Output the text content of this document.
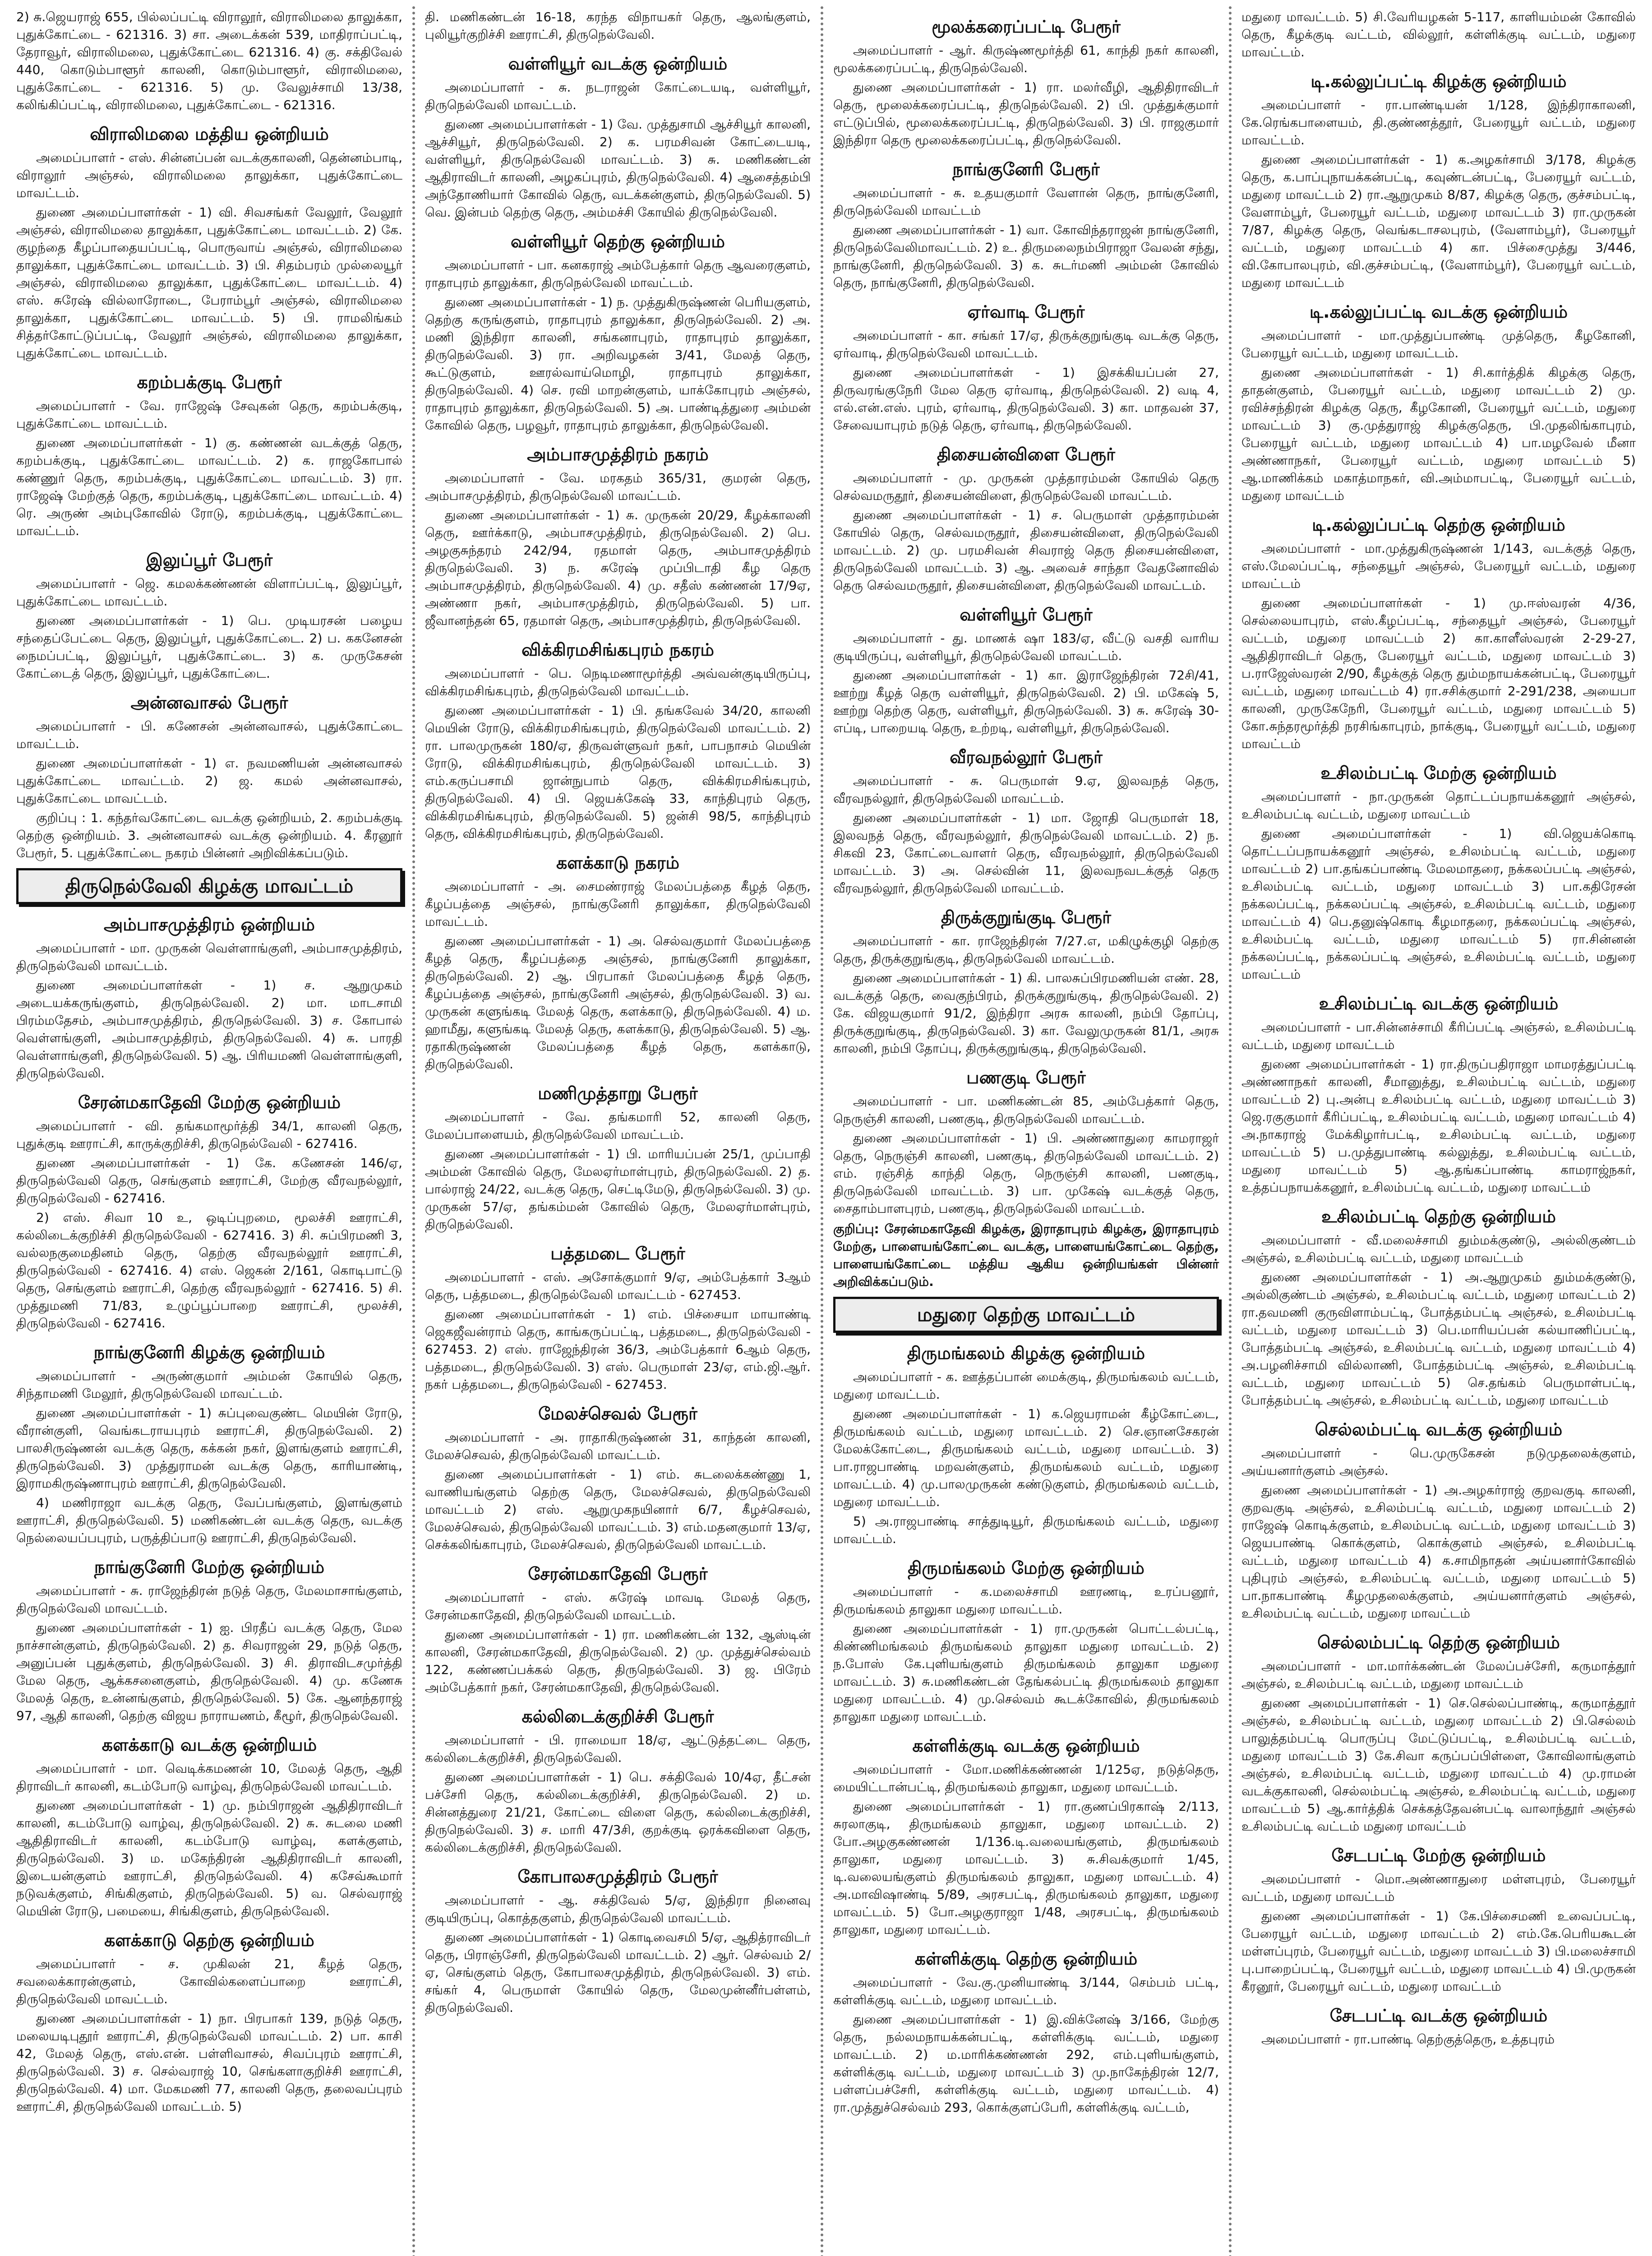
2) சு.ஜெயராஜ் 655, பில்லப்பட்டி விராலூர், விராலிமலை தாலுக்கா, புதுக்கோட்டை - 621316. 3) சா. அடைக்கன் 539, மாதிராப்பட்டி, தேராவூர், விராலிமலை, புதுக்கோட்டை 621316. 4) கு. சக்திவேல் 440, கொடும்பாளூர் காலனி, கொடும்பாளூர், விராலிமலை, புதுக்கோட்டை - 621316. 5) மு. வேலுச்சாமி 13/38, கலிங்கிப்பட்டி, விராலிமலை, புதுக்கோட்டை - 621316.
விராலிமலை மத்திய ஒன்றியம்
அமைப்பாளர் - எஸ். சின்னப்பன் வடக்குகாலனி, தென்னம்பாடி, விராலூர் அஞ்சல், விராலிமலை தாலுக்கா, புதுக்கோட்டை மாவட்டம்.
துணை அமைப்பாளர்கள் - 1) வி. சிவசங்கர் வேலூர், வேலூர் அஞ்சல், விராலிமலை தாலுக்கா, புதுக்கோட்டை மாவட்டம். 2) கே. குழந்தை கீழப்பாதையப்பட்டி, பொருவாய் அஞ்சல், விராலிமலை தாலுக்கா, புதுக்கோட்டை மாவட்டம். 3) பி. சிதம்பரம் முல்லையூர் அஞ்சல், விராலிமலை தாலுக்கா, புதுக்கோட்டை மாவட்டம். 4) எஸ். சுரேஷ் வில்லாரோடை, பேராம்பூர் அஞ்சல், விராலிமலை தாலுக்கா, புதுக்கோட்டை மாவட்டம். 5) பி. ராமலிங்கம் சித்தர்கோட்டுப்பட்டி, வேலூர் அஞ்சல், விராலிமலை தாலுக்கா, புதுக்கோட்டை மாவட்டம்.
கறம்பக்குடி பேரூர்
அமைப்பாளர் - வே. ராஜேஷ் சேவுகன் தெரு, கறம்பக்குடி, புதுக்கோட்டை மாவட்டம்.
துணை அமைப்பாளர்கள் - 1) கு. கண்ணன் வடக்குத் தெரு, கறம்பக்குடி, புதுக்கோட்டை மாவட்டம். 2) க. ராஜகோபால் கண்ணுர் தெரு, கறம்பக்குடி, புதுக்கோட்டை மாவட்டம். 3) ரா. ராஜேஷ் மேற்குத் தெரு, கறம்பக்குடி, புதுக்கோட்டை மாவட்டம். 4) ரெ. அருண் அம்புகோவில் ரோடு, கறம்பக்குடி, புதுக்கோட்டை மாவட்டம்.
இலுப்பூர் பேரூர்
அமைப்பாளர் - ஜெ. கமலக்கண்ணன் விளாப்பட்டி, இலுப்பூர், புதுக்கோட்டை மாவட்டம்.
துணை அமைப்பாளர்கள் - 1) பெ. முடியரசன் பழைய சந்தைப்பேட்டை தெரு, இலுப்பூர், புதுக்கோட்டை. 2) ப. ககனேசன் நைமப்பட்டி, இலுப்பூர், புதுக்கோட்டை. 3) க. முருகேசன் கோட்டைத் தெரு, இலுப்பூர், புதுக்கோட்டை.
அன்னவாசல் பேரூர்
அமைப்பாளர் - பி. கணேசன் அன்னவாசல், புதுக்கோட்டை மாவட்டம்.
துணை அமைப்பாளர்கள் - 1) எ. நவமணியன் அன்னவாசல் புதுக்கோட்டை மாவட்டம். 2) ஜ. கமல் அன்னவாசல், புதுக்கோட்டை மாவட்டம்.
குறிப்பு : 1. கந்தர்வகோட்டை வடக்கு ஒன்றியம், 2. கறம்பக்குடி தெற்கு ஒன்றியம். 3. அன்னவாசல் வடக்கு ஒன்றியம். 4. கீரனூர் பேரூர், 5. புதுக்கோட்டை நகரம் பின்னர் அறிவிக்கப்படும்.
திருநெல்வேலி கிழக்கு மாவட்டம்
அம்பாசமுத்திரம் ஒன்றியம்
அமைப்பாளர் - மா. முருகன் வெள்ளாங்குளி, அம்பாசமுத்திரம், திருநெல்வேலி மாவட்டம்.
துணை அமைப்பாளர்கள் - 1) ச. ஆறுமுகம் அடையக்கருங்குளம், திருநெல்வேலி. 2) மா. மாடசாமி பிரம்மதேசம், அம்பாசமுத்திரம், திருநெல்வேலி. 3) ச. கோபால் வெள்ளங்குளி, அம்பாசமுத்திரம், திருநெல்வேலி. 4) சு. பாரதி வெள்ளாங்குளி, திருநெல்வேலி. 5) ஆ. பிரியமணி வெள்ளாங்குளி, திருநெல்வேலி.
சேரன்மகாதேவி மேற்கு ஒன்றியம்
அமைப்பாளர் - வி. தங்கமாமூர்த்தி 34/1, காலனி தெரு, புதுக்குடி ஊராட்சி, காருக்குறிச்சி, திருநெல்வேலி - 627416.
துணை அமைப்பாளர்கள் - 1) கே. கணேசன் 146/ஏ, திருநெல்வேலி தெரு, செங்குளம் ஊராட்சி, மேற்கு வீரவநல்லூர், திருநெல்வேலி - 627416.
2) எஸ். சிவா 10 உ, ஒடிப்புறமை, மூலச்சி ஊராட்சி, கல்லிடைக்குறிச்சி திருநெல்வேலி - 627416. 3) சி. சுப்பிரமணி 3, வல்லநகுமைதினம் தெரு, தெற்கு வீரவநல்லூர் ஊராட்சி, திருநெல்வேலி - 627416. 4) எஸ். ஜெகன் 2/161, கொடிபாட்டு தெரு, செங்குளம் ஊராட்சி, தெற்கு வீரவநல்லூர் - 627416. 5) சி. முத்துமணி 71/83, உழுப்பூப்பாறை ஊராட்சி, மூலச்சி, திருநெல்வேலி - 627416.
நாங்குனேரி கிழக்கு ஒன்றியம்
அமைப்பாளர் - அருண்குமார் அம்மன் கோயில் தெரு, சிந்தாமணி மேலூர், திருநெல்வேலி மாவட்டம்.
துணை அமைப்பாளர்கள் - 1) சுப்புவைகுண்ட மெயின் ரோடு, வீரான்குளி, வெங்கடராயபுரம் ஊராட்சி, திருநெல்வேலி. 2) பாலசிருஷ்ணன் வடக்கு தெரு, கக்கன் நகர், இளங்குளம் ஊராட்சி, திருநெல்வேலி. 3) முத்துராமன் வடக்கு தெரு, காரியாண்டி, இராமகிருஷ்ணாபுரம் ஊராட்சி, திருநெல்வேலி.
4) மணிராஜா வடக்கு தெரு, வேப்பங்குளம், இளங்குளம் ஊராட்சி, திருநெல்வேலி. 5) மணிகண்டன் வடக்கு தெரு, வடக்கு நெல்லையப்பபுரம், பருத்திப்பாடு ஊராட்சி, திருநெல்வேலி.
நாங்குனேரி மேற்கு ஒன்றியம்
அமைப்பாளர் - சு. ராஜேந்திரன் நடுத் தெரு, மேலமாசாங்குளம், திருநெல்வேலி மாவட்டம்.
துணை அமைப்பாளர்கள் - 1) ஐ. பிரதீப் வடக்கு தெரு, மேல நாச்சான்குளம், திருநெல்வேலி. 2) த. சிவராஜன் 29, நடுத் தெரு, அனுப்பன் புதுக்குளம், திருநெல்வேலி. 3) சி. திராவிடசமுர்த்தி மேல தெரு, ஆக்கசனைகுளம், திருநெல்வேலி. 4) மு. கணேசு மேலத் தெரு, உன்னங்குளம், திருநெல்வேலி. 5) கே. ஆனந்தராஜ் 97, ஆதி காலனி, தெற்கு விஜய நாராயணம், கீழூர், திருநெல்வேலி.
களக்காடு வடக்கு ஒன்றியம்
அமைப்பாளர் - மா. வெடிக்கமணன் 10, மேலத் தெரு, ஆதி திராவிடர் காலனி, கடம்போடு வாழ்வு, திருநெல்வேலி மாவட்டம்.
துணை அமைப்பாளர்கள் - 1) மு. நம்பிராஜன் ஆதிதிராவிடர் காலனி, கடம்போடு வாழ்வு, திருநெல்வேலி. 2) சு. சுடலை மணி ஆதிதிராவிடர் காலனி, கடம்போடு வாழ்வு, களக்குளம், திருநெல்வேலி. 3) ம. மகேந்திரன் ஆதிதிராவிடர் காலனி, இடையன்குளம் ஊராட்சி, திருநெல்வேலி. 4) கசேவ்கூமார் நடுவக்குளம், சிங்கிகுளம், திருநெல்வேலி. 5) வ. செல்வராஜ் மெயின் ரோடு, பமையை, சிங்கிகுளம், திருநெல்வேலி.
களக்காடு தெற்கு ஒன்றியம்
அமைப்பாளர் - ச. முகிலன் 21, கீழத் தெரு, சவலைக்காரன்குளம், கோவில்களைப்பாறை ஊராட்சி, திருநெல்வேலி மாவட்டம்.
துணை அமைப்பாளர்கள் - 1) நா. பிரபாகர் 139, நடுத் தெரு, மலையடிபுதூர் ஊராட்சி, திருநெல்வேலி மாவட்டம். 2) பா. காசி 42, மேலத் தெரு, எஸ்.என். பள்ளிவாசல், சிவப்புரம் ஊராட்சி, திருநெல்வேலி. 3) ச. செல்வராஜ் 10, செங்களாகுறிச்சி ஊராட்சி, திருநெல்வேலி. 4) மா. மேகமணி 77, காலனி தெரு, தலைவப்புரம் ஊராட்சி, திருநெல்வேலி மாவட்டம். 5)
தி. மணிகண்டன் 16-18, கரந்த விநாயகர் தெரு, ஆலங்குளம், புலியூர்குறிச்சி ஊராட்சி, திருநெல்வேலி.
வள்ளியூர் வடக்கு ஒன்றியம்
அமைப்பாளர் - சு. நடராஜன் கோட்டையடி, வள்ளியூர், திருநெல்வேலி மாவட்டம்.
துணை அமைப்பாளர்கள் - 1) வே. முத்துசாமி ஆச்சியூர் காலனி, ஆச்சியூர், திருநெல்வேலி. 2) க. பரமசிவன் கோட்டையடி, வள்ளியூர், திருநெல்வேலி மாவட்டம். 3) சு. மணிகண்டன் ஆதிராவிடர் காலனி, அழகப்புரம், திருநெல்வேலி. 4) ஆசைத்தம்பி அந்தோணியார் கோவில் தெரு, வடக்கன்குளம், திருநெல்வேலி. 5) வெ. இன்பம் தெற்கு தெரு, அம்மச்சி கோயில் திருநெல்வேலி.
வள்ளியூர் தெற்கு ஒன்றியம்
அமைப்பாளர் - பா. கனகராஜ் அம்பேத்கார் தெரு ஆவரைகுளம், ராதாபுரம் தாலுக்கா, திருநெல்வேலி மாவட்டம்.
துணை அமைப்பாளர்கள் - 1) ந. முத்துகிருஷ்ணன் பெரியகுளம், தெற்கு கருங்குளம், ராதாபுரம் தாலுக்கா, திருநெல்வேலி. 2) அ. மணி இந்திரா காலனி, சங்கனாபுரம், ராதாபுரம் தாலுக்கா, திருநெல்வேலி. 3) ரா. அறிவழகன் 3/41, மேலத் தெரு, கூட்டுகுளம், ஊரல்வாய்மொழி, ராதாபுரம் தாலுக்கா, திருநெல்வேலி. 4) செ. ரவி மாறன்குளம், யாக்கோபுரம் அஞ்சல், ராதாபுரம் தாலுக்கா, திருநெல்வேலி. 5) அ. பாண்டித்துரை அம்மன் கோவில் தெரு, பழவூர், ராதாபுரம் தாலுக்கா, திருநெல்வேலி.
அம்பாசமுத்திரம் நகரம்
அமைப்பாளர் - வே. மரகதம் 365/31, குமரன் தெரு, அம்பாசமுத்திரம், திருநெல்வேலி மாவட்டம்.
துணை அமைப்பாளர்கள் - 1) சு. முருகன் 20/29, கீழக்காலனி தெரு, ஊர்க்காடு, அம்பாசமுத்திரம், திருநெல்வேலி. 2) பெ. அழகுசுந்தரம் 242/94, ரதமாள் தெரு, அம்பாசமுத்திரம் திருநெல்வேலி. 3) ந. சுரேஷ் முப்பிடாதி கீழ தெரு அம்பாசமுத்திரம், திருநெல்வேலி. 4) மு. சதீஸ் கண்ணன் 17/9ஏ, அண்ணா நகர், அம்பாசமுத்திரம், திருநெல்வேலி. 5) பா. ஜீவானந்தன் 65, ரதமாள் தெரு, அம்பாசமுத்திரம், திருநெல்வேலி.
விக்கிரமசிங்கபுரம் நகரம்
அமைப்பாளர் - பெ. நெடிமணாமூர்த்தி அவ்வன்குடியிருப்பு, விக்கிரமசிங்கபுரம், திருநெல்வேலி மாவட்டம்.
துணை அமைப்பாளர்கள் - 1) பி. தங்கவேல் 34/20, காலனி மெயின் ரோடு, விக்கிரமசிங்கபுரம், திருநெல்வேலி மாவட்டம். 2) ரா. பாலமுருகன் 180/ஏ, திருவள்ளுவர் நகர், பாபநாசம் மெயின் ரோடு, விக்கிரமசிங்கபுரம், திருநெல்வேலி மாவட்டம். 3) எம்.கருப்பசாமி ஜான்நுபாம் தெரு, விக்கிரமசிங்கபுரம், திருநெல்வேலி. 4) பி. ஜெயக்கேஷ் 33, காந்திபுரம் தெரு, விக்கிரமசிங்கபுரம், திருநெல்வேலி. 5) ஜன்சி 98/5, காந்திபுரம் தெரு, விக்கிரமசிங்கபுரம், திருநெல்வேலி.
களக்காடு நகரம்
அமைப்பாளர் - அ. சைமண்ராஜ் மேலப்பத்தை கீழத் தெரு, கீழப்பத்தை அஞ்சல், நாங்குனேரி தாலுக்கா, திருநெல்வேலி மாவட்டம்.
துணை அமைப்பாளர்கள் - 1) அ. செல்வகுமார் மேலப்பத்தை கீழத் தெரு, கீழப்பத்தை அஞ்சல், நாங்குனேரி தாலுக்கா, திருநெல்வேலி. 2) ஆ. பிரபாகர் மேலப்பத்தை கீழத் தெரு, கீழப்பத்தை அஞ்சல், நாங்குனேரி அஞ்சல், திருநெல்வேலி. 3) வ. முருகன் களுங்கடி மேலத் தெரு, களக்காடு, திருநெல்வேலி. 4) ம. ஹாமீது, களுங்கடி மேலத் தெரு, களக்காடு, திருநெல்வேலி. 5) ஆ. ரதாகிருஷ்ணன் மேலப்பத்தை கீழத் தெரு, களக்காடு, திருநெல்வேலி.
மணிமுத்தாறு பேரூர்
அமைப்பாளர் - வே. தங்கமாரி 52, காலனி தெரு, மேலப்பாளையம், திருநெல்வேலி மாவட்டம்.
துணை அமைப்பாளர்கள் - 1) பி. மாரியப்பன் 25/1, முப்பாதி அம்மன் கோவில் தெரு, மேலஏர்மாள்புரம், திருநெல்வேலி. 2) த. பால்ராஜ் 24/22, வடக்கு தெரு, செட்டிமேடு, திருநெல்வேலி. 3) மு. முருகன் 57/ஏ, தங்கம்மன் கோவில் தெரு, மேலஏர்மாள்புரம், திருநெல்வேலி.
பத்தமடை பேரூர்
அமைப்பாளர் - எஸ். அசோக்குமார் 9/ஏ, அம்பேத்கார் 3ஆம் தெரு, பத்தமடை, திருநெல்வேலி மாவட்டம் - 627453.
துணை அமைப்பாளர்கள் - 1) எம். பிச்சையா மாயாண்டி ஜெகஜீவன்ராம் தெரு, காங்கருப்பட்டி, பத்தமடை, திருநெல்வேலி - 627453. 2) எஸ். ராஜேந்திரன் 36/3, அம்பேத்கார் 6ஆம் தெரு, பத்தமடை, திருநெல்வேலி. 3) எஸ். பெருமாள் 23/ஏ, எம்.ஜி.ஆர். நகர் பத்தமடை, திருநெல்வேலி - 627453.
மேலச்செவல் பேரூர்
அமைப்பாளர் - அ. ராதாகிருஷ்ணன் 31, காந்தன் காலனி, மேலச்செவல், திருநெல்வேலி மாவட்டம்.
துணை அமைப்பாளர்கள் - 1) எம். சுடலைக்கண்ணு 1, வாணியங்குளம் தெற்கு தெரு, மேலச்செவல், திருநெல்வேலி மாவட்டம் 2) எஸ். ஆறுமுகநயினார் 6/7, கீழச்செவல், மேலச்செவல், திருநெல்வேலி மாவட்டம். 3) எம்.மதனகுமார் 13/ஏ, செக்கலிங்காபுரம், மேலச்செவல், திருநெல்வேலி மாவட்டம்.
சேரன்மகாதேவி பேரூர்
அமைப்பாளர் - எஸ். சுரேஷ் மாவடி மேலத் தெரு, சேரன்மகாதேவி, திருநெல்வேலி மாவட்டம்.
துணை அமைப்பாளர்கள் - 1) ரா. மணிகண்டன் 132, ஆஸ்டின் காலனி, சேரன்மகாதேவி, திருநெல்வேலி. 2) மு. முத்துச்செல்வம் 122, கண்ணப்பக்கல் தெரு, திருநெல்வேலி. 3) ஜ. பிரேம் அம்பேத்கார் நகர், சேரன்மகாதேவி, திருநெல்வேலி.
கல்லிடைக்குறிச்சி பேரூர்
அமைப்பாளர் - பி. ராமையா 18/ஏ, ஆட்டுத்தட்டை தெரு, கல்லிடைக்குறிச்சி, திருநெல்வேலி.
துணை அமைப்பாளர்கள் - 1) பெ. சக்திவேல் 10/4ஏ, தீட்சன் பச்சேரி தெரு, கல்லிடைக்குறிச்சி, திருநெல்வேலி. 2) ம. சின்னத்துரை 21/21, கோட்டை விளை தெரு, கல்லிடைக்குறிச்சி, திருநெல்வேலி. 3) ச. மாரி 47/3சி, குறக்குடி ஒரக்கவிளை தெரு, கல்லிடைக்குறிச்சி, திருநெல்வேலி.
கோபாலசமுத்திரம் பேரூர்
அமைப்பாளர் - ஆ. சக்திவேல் 5/ஏ, இந்திரா நினைவு குடியிருப்பு, கொத்தகுளம், திருநெல்வேலி மாவட்டம்.
துணை அமைப்பாளர்கள் - 1) கொடிவைசமி 5/ஏ, ஆதித்ராவிடர் தெரு, பிராஞ்சேரி, திருநெல்வேலி மாவட்டம். 2) ஆர். செல்வம் 2/ஏ, செங்குளம் தெரு, கோபாலசமுத்திரம், திருநெல்வேலி. 3) எம். சங்கர் 4, பெருமாள் கோயில் தெரு, மேலமுன்னீர்பள்ளம், திருநெல்வேலி.
மூலக்கரைப்பட்டி பேரூர்
அமைப்பாளர் - ஆர். கிருஷ்ணமூர்த்தி 61, காந்தி நகர் காலனி, மூலக்கரைப்பட்டி, திருநெல்வேலி.
துணை அமைப்பாளர்கள் - 1) ரா. மலர்வீழி, ஆதிதிராவிடர் தெரு, மூலைக்கரைப்பட்டி, திருநெல்வேலி. 2) பி. முத்துக்குமார் எட்டுப்பில், மூலைக்கரைப்பட்டி, திருநெல்வேலி. 3) பி. ராஜகுமார் இந்திரா தெரு மூலைக்கரைப்பட்டி, திருநெல்வேலி.
நாங்குனேரி பேரூர்
அமைப்பாளர் - சு. உதயகுமார் வேளான் தெரு, நாங்குனேரி, திருநெல்வேலி மாவட்டம்
துணை அமைப்பாளர்கள் - 1) வா. கோவிந்தராஜன் நாங்குனேரி, திருநெல்வேலிமாவட்டம். 2) உ. திருமலைநம்பிராஜா வேலன் சந்து, நாங்குனேரி, திருநெல்வேலி. 3) க. சுடர்மணி அம்மன் கோவில் தெரு, நாங்குனேரி, திருநெல்வேலி.
ஏர்வாடி பேரூர்
அமைப்பாளர் - கா. சங்கர் 17/ஏ, திருக்குறுங்குடி வடக்கு தெரு, ஏர்வாடி, திருநெல்வேலி மாவட்டம்.
துணை அமைப்பாளர்கள் - 1) இசக்கியப்பன் 27, திருவரங்குநேரி மேல தெரு ஏர்வாடி, திருநெல்வேலி. 2) வடி 4, எல்.என்.எஸ். புரம், ஏர்வாடி, திருநெல்வேலி. 3) கா. மாதவன் 37, சேவையாபுரம் நடுத் தெரு, ஏர்வாடி, திருநெல்வேலி.
திசையன்விளை பேரூர்
அமைப்பாளர் - மு. முருகன் முத்தாரம்மன் கோயில் தெரு செல்வமருதூர், திசையன்விளை, திருநெல்வேலி மாவட்டம்.
துணை அமைப்பாளர்கள் - 1) ச. பெருமாள் முத்தாரம்மன் கோயில் தெரு, செல்வமருதூர், திசையன்விளை, திருநெல்வேலி மாவட்டம். 2) மு. பரமசிவன் சிவராஜ் தெரு திசையன்விளை, திருநெல்வேலி மாவட்டம். 3) ஆ. அவைச் சாந்தா வேதனோவில் தெரு செல்வமருதூர், திசையன்விளை, திருநெல்வேலி மாவட்டம்.
வள்ளியூர் பேரூர்
அமைப்பாளர் - து. மாணக் ஷா 183/ஏ, வீட்டு வசதி வாரிய குடியிருப்பு, வள்ளியூர், திருநெல்வேலி மாவட்டம்.
துணை அமைப்பாளர்கள் - 1) கா. இராஜேந்திரன் 72சி/41, ஊற்று கீழத் தெரு வள்ளியூர், திருநெல்வேலி. 2) பி. மகேஷ் 5, ஊற்று தெற்கு தெரு, வள்ளியூர், திருநெல்வேலி. 3) சு. சுரேஷ் 30-எப்டி, பாறையடி தெரு, உற்றடி, வள்ளியூர், திருநெல்வேலி.
வீரவநல்லூர் பேரூர்
அமைப்பாளர் - சு. பெருமாள் 9.ஏ, இலவநத் தெரு, வீரவநல்லூர், திருநெல்வேலி மாவட்டம்.
துணை அமைப்பாளர்கள் - 1) மா. ஜோதி பெருமாள் 18, இலவநத் தெரு, வீரவநல்லூர், திருநெல்வேலி மாவட்டம். 2) ந. சிகவி 23, கோட்டைவாளர் தெரு, வீரவநல்லூர், திருநெல்வேலி மாவட்டம். 3) அ. செல்வின் 11, இலவநவடக்குத் தெரு வீரவநல்லூர், திருநெல்வேலி மாவட்டம்.
திருக்குறுங்குடி பேரூர்
அமைப்பாளர் - கா. ராஜேந்திரன் 7/27.எ, மகிழுக்குழி தெற்கு தெரு, திருக்குறுங்குடி, திருநெல்வேலி மாவட்டம்.
துணை அமைப்பாளர்கள் - 1) கி. பாலசுப்பிரமணியன் எண். 28, வடக்குத் தெரு, வைகுந்பிரம், திருக்குறுங்குடி, திருநெல்வேலி. 2) கே. விஜயகுமார் 91/2, இந்திரா அரசு காலனி, நம்பி தோப்பு, திருக்குறுங்குடி, திருநெல்வேலி. 3) கா. வேலுமுருகன் 81/1, அரசு காலனி, நம்பி தோப்பு, திருக்குறுங்குடி, திருநெல்வேலி.
பணகுடி பேரூர்
அமைப்பாளர் - பா. மணிகண்டன் 85, அம்பேத்கார் தெரு, நெருஞ்சி காலனி, பணகுடி, திருநெல்வேலி மாவட்டம்.
துணை அமைப்பாளர்கள் - 1) பி. அண்ணாதுரை காமராஜர் தெரு, நெருஞ்சி காலனி, பணகுடி, திருநெல்வேலி மாவட்டம். 2) எம். ரஞ்சித் காந்தி தெரு, நெருஞ்சி காலனி, பணகுடி, திருநெல்வேலி மாவட்டம். 3) பா. முகேஷ் வடக்குத் தெரு, சைதாம்பாளபுரம், பணகுடி, திருநெல்வேலி மாவட்டம்.
குறிப்பு: சேரன்மகாதேவி கிழக்கு, இராதாபுரம் கிழக்கு, இராதாபுரம் மேற்கு, பாளையங்கோட்டை வடக்கு, பாளையங்கோட்டை தெற்கு, பாளையங்கோட்டை மத்திய ஆகிய ஒன்றியங்கள் பின்னர் அறிவிக்கப்படும்.
மதுரை தெற்கு மாவட்டம்
திருமங்கலம் கிழக்கு ஒன்றியம்
அமைப்பாளர் - க. ஊத்தப்பான் மைக்குடி, திருமங்கலம் வட்டம், மதுரை மாவட்டம்.
துணை அமைப்பாளர்கள் - 1) க.ஜெயராமன் கீழ்கோட்டை, திருமங்கலம் வட்டம், மதுரை மாவட்டம். 2) செ.ஞானசேகரன் மேலக்கோட்டை, திருமங்கலம் வட்டம், மதுரை மாவட்டம். 3) பா.ராஜபாண்டி மறவன்குளம், திருமங்கலம் வட்டம், மதுரை மாவட்டம். 4) மு.பாலமுருகன் கண்டுகுளம், திருமங்கலம் வட்டம், மதுரை மாவட்டம்.
5) அ.ராஜபாண்டி சாத்துடியூர், திருமங்கலம் வட்டம், மதுரை மாவட்டம்.
திருமங்கலம் மேற்கு ஒன்றியம்
அமைப்பாளர் - க.மலைச்சாமி ஊரணடி, உரப்பனூர், திருமங்கலம் தாலுகா மதுரை மாவட்டம்.
துணை அமைப்பாளர்கள் - 1) ரா.முருகன் பொட்டல்பட்டி, கிண்ணிமங்கலம் திருமங்கலம் தாலுகா மதுரை மாவட்டம். 2) ந.போஸ் கே.புளியங்குளம் திருமங்கலம் தாலுகா மதுரை மாவட்டம். 3) சு.மணிகண்டன் தேங்கல்பட்டி திருமங்கலம் தாலுகா மதுரை மாவட்டம். 4) மு.செல்வம் கூடக்கோவில், திருமங்கலம் தாலுகா மதுரை மாவட்டம்.
கள்ளிக்குடி வடக்கு ஒன்றியம்
அமைப்பாளர் - மோ.மணிக்கண்ணன் 1/125ஏ, நடுத்தெரு, மையிட்டான்பட்டி, திருமங்கலம் தாலுகா, மதுரை மாவட்டம்.
துணை அமைப்பாளர்கள் - 1) ரா.குணப்பிரகாஷ் 2/113, சுரலாகுடி, திருமங்கலம் தாலுகா, மதுரை மாவட்டம். 2) போ.அழகுகண்ணன் 1/136.டி.வலையங்குளம், திருமங்கலம் தாலுகா, மதுரை மாவட்டம். 3) சு.சிவக்குமார் 1/45, டி.வலையங்குளம் திருமங்கலம் தாலுகா, மதுரை மாவட்டம். 4) அ.மாவிஷாண்டி 5/89, அரசபட்டி, திருமங்கலம் தாலுகா, மதுரை மாவட்டம். 5) போ.அழகுராஜா 1/48, அரசபட்டி, திருமங்கலம் தாலுகா, மதுரை மாவட்டம்.
கள்ளிக்குடி தெற்கு ஒன்றியம்
அமைப்பாளர் - வே.கு.முனியாண்டி 3/144, செம்பம் பட்டி, கள்ளிக்குடி வட்டம், மதுரை மாவட்டம்.
துணை அமைப்பாளர்கள் - 1) இ.விக்னேஷ் 3/166, மேற்கு தெரு, நல்லமநாயக்கன்பட்டி, கள்ளிக்குடி வட்டம், மதுரை மாவட்டம். 2) ம.மாரிக்கண்ணன் 292, எம்.புளியங்குளம், கள்ளிக்குடி வட்டம், மதுரை மாவட்டம் 3) மு.நாகேந்திரன் 12/7, பள்ளப்பச்சேரி, கள்ளிக்குடி வட்டம், மதுரை மாவட்டம். 4) ரா.முத்துச்செல்வம் 293, கொக்குளப்பேரி, கள்ளிக்குடி வட்டம்,
மதுரை மாவட்டம். 5) சி.வேரியழகன் 5-117, காளியம்மன் கோவில் தெரு, கீழக்குடி வட்டம், வில்லூர், கள்ளிக்குடி வட்டம், மதுரை மாவட்டம்.
டி.கல்லுப்பட்டி கிழக்கு ஒன்றியம்
அமைப்பாளர் - ரா.பாண்டியன் 1/128, இந்திராகாலனி, கே.ரெங்கபாளையம், தி.குண்ணத்தூர், பேரையூர் வட்டம், மதுரை மாவட்டம்.
துணை அமைப்பாளர்கள் - 1) க.அழகர்சாமி 3/178, கிழக்கு தெரு, க.பாப்புநாயக்கன்பட்டி, கவுண்டன்பட்டி, பேரையூர் வட்டம், மதுரை மாவட்டம் 2) ரா.ஆறுமுகம் 8/87, கிழக்கு தெரு, குச்சம்பட்டி, வேளாம்பூர், பேரையூர் வட்டம், மதுரை மாவட்டம் 3) ரா.முருகன் 7/87, கிழக்கு தெரு, வெங்கடாசலபுரம், (வேளாம்பூர்), பேரையூர் வட்டம், மதுரை மாவட்டம் 4) கா. பிச்சைமுத்து 3/446, வி.கோபாலபுரம், வி.குச்சம்பட்டி, (வேளாம்பூர்), பேரையூர் வட்டம், மதுரை மாவட்டம்
டி.கல்லுப்பட்டி வடக்கு ஒன்றியம்
அமைப்பாளர் - மா.முத்துப்பாண்டி முத்தெரு, கீழகோனி, பேரையூர் வட்டம், மதுரை மாவட்டம்.
துணை அமைப்பாளர்கள் - 1) சி.கார்த்திக் கிழக்கு தெரு, தாதன்குளம், பேரையூர் வட்டம், மதுரை மாவட்டம் 2) மு. ரவிச்சந்திரன் கிழக்கு தெரு, கீழகோனி, பேரையூர் வட்டம், மதுரை மாவட்டம் 3) கு.முத்துராஜ் கிழக்குதெரு, பி.முதலிங்காபுரம், பேரையூர் வட்டம், மதுரை மாவட்டம் 4) பா.மழவேல் மீனா அண்ணாநகர், பேரையூர் வட்டம், மதுரை மாவட்டம் 5) ஆ.மாணிக்கம் மகாத்மாநகர், வி.அம்மாபட்டி, பேரையூர் வட்டம், மதுரை மாவட்டம்
டி.கல்லுப்பட்டி தெற்கு ஒன்றியம்
அமைப்பாளர் - மா.முத்துகிருஷ்ணன் 1/143, வடக்குத் தெரு, எஸ்.மேலப்பட்டி, சந்தையூர் அஞ்சல், பேரையூர் வட்டம், மதுரை மாவட்டம்
துணை அமைப்பாளர்கள் - 1) மு.ஈஸ்வரன் 4/36, செல்லையாபுரம், எஸ்.கீழப்பட்டி, சந்தையூர் அஞ்சல், பேரையூர் வட்டம், மதுரை மாவட்டம் 2) கா.காளீஸ்வரன் 2-29-27, ஆதிதிராவிடர் தெரு, பேரையூர் வட்டம், மதுரை மாவட்டம் 3) ப.ராஜேஸ்வரன் 2/90, கீழக்குத் தெரு தும்மநாயக்கன்பட்டி, பேரையூர் வட்டம், மதுரை மாவட்டம் 4) ரா.சசிக்குமார் 2-291/238, அயைபா காலனி, முருகேநேரி, பேரையூர் வட்டம், மதுரை மாவட்டம் 5) கோ.சுந்தரமூர்த்தி நரசிங்காபுரம், நாக்குடி, பேரையூர் வட்டம், மதுரை மாவட்டம்
உசிலம்பட்டி மேற்கு ஒன்றியம்
அமைப்பாளர் - நா.முருகன் தொட்டப்பநாயக்கனூர் அஞ்சல், உசிலம்பட்டி வட்டம், மதுரை மாவட்டம்
துணை அமைப்பாளர்கள் - 1) வி.ஜெயக்கொடி தொட்டப்பநாயக்கனூர் அஞ்சல், உசிலம்பட்டி வட்டம், மதுரை மாவட்டம் 2) பா.தங்கப்பாண்டி மேலமாதரை, நக்கலப்பட்டி அஞ்சல், உசிலம்பட்டி வட்டம், மதுரை மாவட்டம் 3) பா.கதிரேசன் நக்கலப்பட்டி, நக்கலப்பட்டி அஞ்சல், உசிலம்பட்டி வட்டம், மதுரை மாவட்டம் 4) பெ.தனுஷ்கொடி கீழமாதரை, நக்கலப்பட்டி அஞ்சல், உசிலம்பட்டி வட்டம், மதுரை மாவட்டம் 5) ரா.சின்னன் நக்கலப்பட்டி, நக்கலப்பட்டி அஞ்சல், உசிலம்பட்டி வட்டம், மதுரை மாவட்டம்
உசிலம்பட்டி வடக்கு ஒன்றியம்
அமைப்பாளர் - பா.சின்னச்சாமி கீரிப்பட்டி அஞ்சல், உசிலம்பட்டி வட்டம், மதுரை மாவட்டம்
துணை அமைப்பாளர்கள் - 1) ரா.திருப்பதிராஜா மாமரத்துப்பட்டி அண்ணாநகர் காலனி, சீமானுத்து, உசிலம்பட்டி வட்டம், மதுரை மாவட்டம் 2) பு.அன்பு உசிலம்பட்டி வட்டம், மதுரை மாவட்டம் 3) ஜெ.ரகுகுமார் கீரிப்பட்டி, உசிலம்பட்டி வட்டம், மதுரை மாவட்டம் 4) அ.நாகராஜ் மேக்கிழார்பட்டி, உசிலம்பட்டி வட்டம், மதுரை மாவட்டம் 5) ப.முத்துபாண்டி கல்லுத்து, உசிலம்பட்டி வட்டம், மதுரை மாவட்டம் 5) ஆ.தங்கப்பாண்டி காமராஜ்நகர், உத்தப்பநாயக்கனூர், உசிலம்பட்டி வட்டம், மதுரை மாவட்டம்
உசிலம்பட்டி தெற்கு ஒன்றியம்
அமைப்பாளர் - வீ.மலைச்சாமி தும்மக்குண்டு, அல்லிகுண்டம் அஞ்சல், உசிலம்பட்டி வட்டம், மதுரை மாவட்டம்
துணை அமைப்பாளர்கள் - 1) அ.ஆறுமுகம் தும்மக்குண்டு, அல்லிகுண்டம் அஞ்சல், உசிலம்பட்டி வட்டம், மதுரை மாவட்டம் 2) ரா.தவமணி குருவிளாம்பட்டி, போத்தம்பட்டி அஞ்சல், உசிலம்பட்டி வட்டம், மதுரை மாவட்டம் 3) பெ.மாரியப்பன் கல்யாணிப்பட்டி, போத்தம்பட்டி அஞ்சல், உசிலம்பட்டி வட்டம், மதுரை மாவட்டம் 4) அ.பழனிச்சாமி வில்லாணி, போத்தம்பட்டி அஞ்சல், உசிலம்பட்டி வட்டம், மதுரை மாவட்டம் 5) செ.தங்கம் பெருமாள்பட்டி, போத்தம்பட்டி அஞ்சல், உசிலம்பட்டி வட்டம், மதுரை மாவட்டம்
செல்லம்பட்டி வடக்கு ஒன்றியம்
அமைப்பாளர் - பெ.முருகேசன் நடுமுதலைக்குளம், அய்யனார்குளம் அஞ்சல்.
துணை அமைப்பாளர்கள் - 1) அ.அழகர்ராஜ் குறவகுடி காலனி, குறவகுடி அஞ்சல், உசிலம்பட்டி வட்டம், மதுரை மாவட்டம் 2) ராஜேஷ் கொடிக்குளம், உசிலம்பட்டி வட்டம், மதுரை மாவட்டம் 3) ஜெயபாண்டி கொக்குளம், கொக்குளம் அஞ்சல், உசிலம்பட்டி வட்டம், மதுரை மாவட்டம் 4) க.சாமிநாதன் அய்யனார்கோவில் புதிபுரம் அஞ்சல், உசிலம்பட்டி வட்டம், மதுரை மாவட்டம் 5) பா.நாகபாண்டி கீழமுதலைக்குளம், அய்யனார்குளம் அஞ்சல், உசிலம்பட்டி வட்டம், மதுரை மாவட்டம்
செல்லம்பட்டி தெற்கு ஒன்றியம்
அமைப்பாளர் - மா.மார்க்கண்டன் மேலப்பச்சேரி, கருமாத்தூர் அஞ்சல், உசிலம்பட்டி வட்டம், மதுரை மாவட்டம்
துணை அமைப்பாளர்கள் - 1) செ.செல்லப்பாண்டி, கருமாத்தூர் அஞ்சல், உசிலம்பட்டி வட்டம், மதுரை மாவட்டம் 2) பி.செல்லம் பாலுத்தம்பட்டி பொருப்பு மேட்டுப்பட்டி, உசிலம்பட்டி வட்டம், மதுரை மாவட்டம் 3) கே.சிவா கருப்பப்பிள்ளை, கோவிலாங்குளம் அஞ்சல், உசிலம்பட்டி வட்டம், மதுரை மாவட்டம் 4) மு.ராமன் வடக்குகாலனி, செல்லம்பட்டி அஞ்சல், உசிலம்பட்டி வட்டம், மதுரை மாவட்டம் 5) ஆ.கார்த்திக் செக்கத்தேவன்பட்டி வாலாந்தூர் அஞ்சல் உசிலம்பட்டி வட்டம் மதுரை மாவட்டம்
சேடபட்டி மேற்கு ஒன்றியம்
அமைப்பாளர் - மொ.அண்ணாதுரை மள்ளபுரம், பேரையூர் வட்டம், மதுரை மாவட்டம்
துணை அமைப்பாளர்கள் - 1) கே.பிச்சைமணி உவைப்பட்டி, பேரையூர் வட்டம், மதுரை மாவட்டம் 2) எம்.கே.பெரியகூடன் மள்ளப்புரம், பேரையூர் வட்டம், மதுரை மாவட்டம் 3) பி.மலைச்சாமி பு.பாறைப்பட்டி, பேரையூர் வட்டம், மதுரை மாவட்டம் 4) பி.முருகன் கீரனூர், பேரையூர் வட்டம், மதுரை மாவட்டம்
சேடபட்டி வடக்கு ஒன்றியம்
அமைப்பாளர் - ரா.பாண்டி தெற்குத்தெரு, உத்தபுரம்
